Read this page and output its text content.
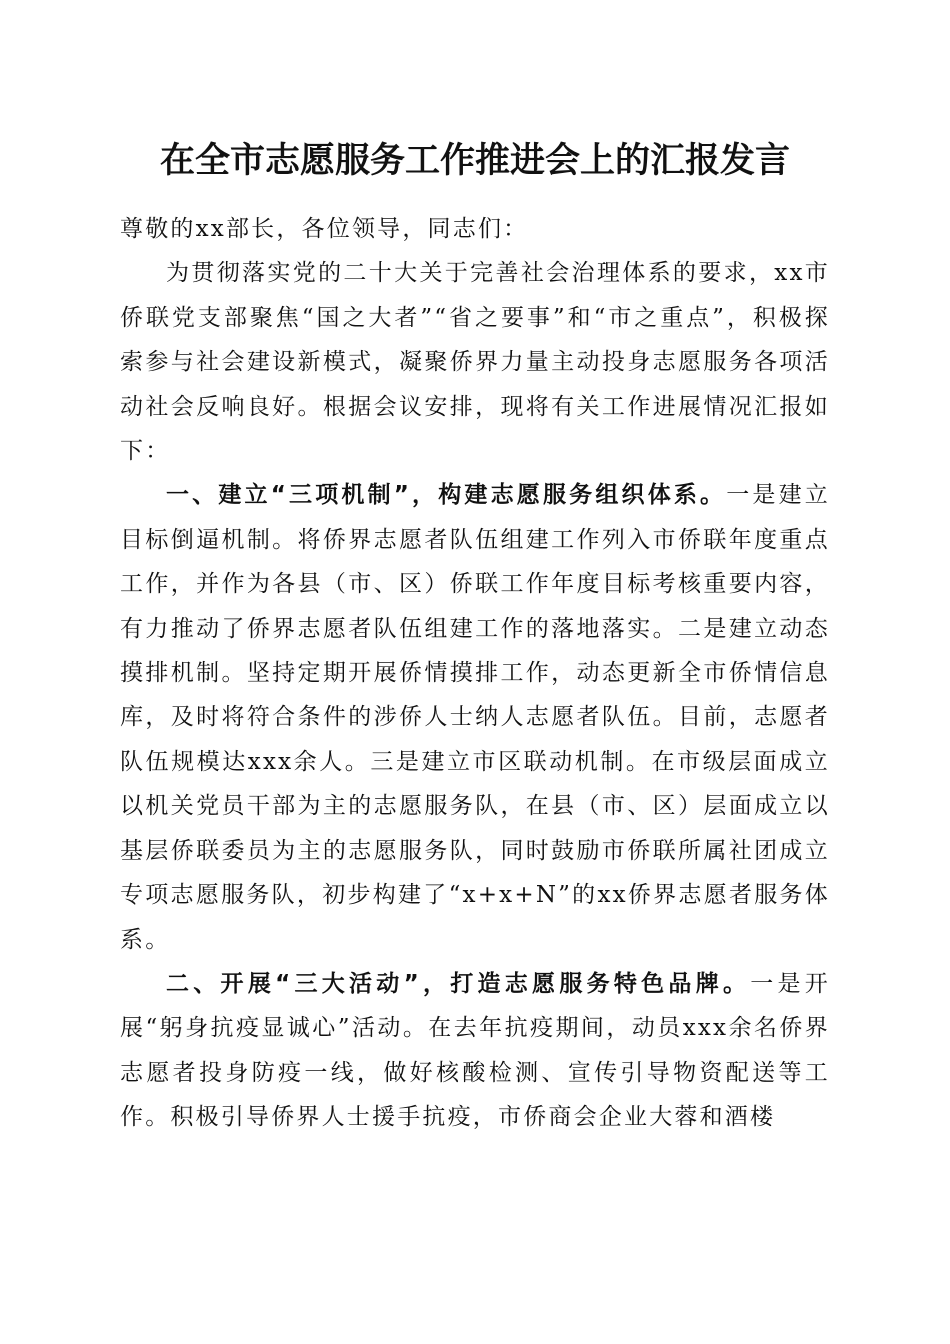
在全市志愿服务工作推进会上的汇报发言

尊敬的xx部长，各位领导，同志们：

为贯彻落实党的二十大关于完善社会治理体系的要求，xx市侨联党支部聚焦“国之大者”“省之要事”和“市之重点”，积极探索参与社会建设新模式，凝聚侨界力量主动投身志愿服务各项活动社会反响良好。根据会议安排，现将有关工作进展情况汇报如下：

一、建立“三项机制”，构建志愿服务组织体系。一是建立目标倒逼机制。将侨界志愿者队伍组建工作列入市侨联年度重点工作，并作为各县（市、区）侨联工作年度目标考核重要内容，有力推动了侨界志愿者队伍组建工作的落地落实。二是建立动态摸排机制。坚持定期开展侨情摸排工作，动态更新全市侨情信息库，及时将符合条件的涉侨人士纳人志愿者队伍。目前，志愿者队伍规模达xxx余人。三是建立市区联动机制。在市级层面成立以机关党员干部为主的志愿服务队，在县（市、区）层面成立以基层侨联委员为主的志愿服务队，同时鼓励市侨联所属社团成立专项志愿服务队，初步构建了“x+x+N”的xx侨界志愿者服务体系。

二、开展“三大活动”，打造志愿服务特色品牌。一是开展“躬身抗疫显诚心”活动。在去年抗疫期间，动员xxx余名侨界志愿者投身防疫一线，做好核酸检测、宣传引导物资配送等工作。积极引导侨界人士援手抗疫，市侨商会企业大蓉和酒楼
